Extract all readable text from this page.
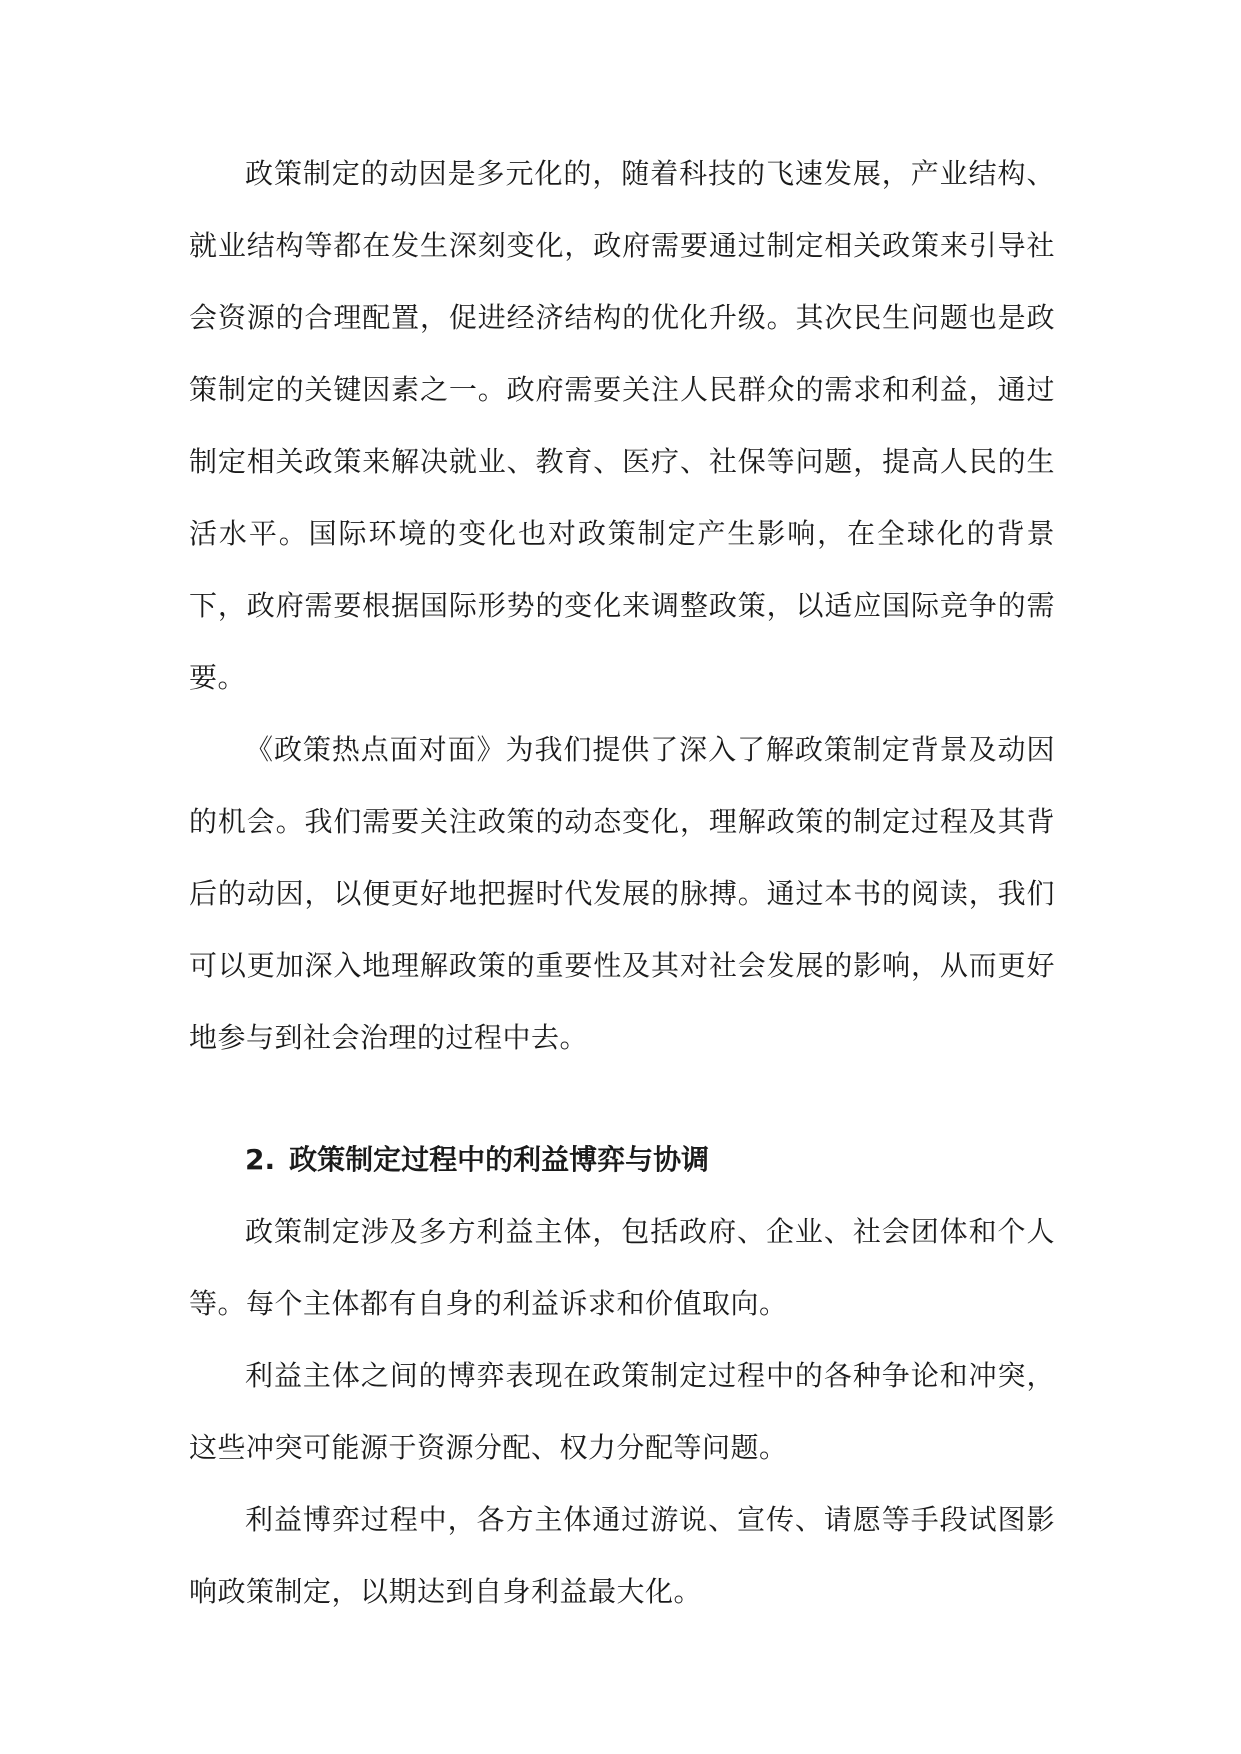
政策制定的动因是多元化的，随着科技的飞速发展，产业结构、就业结构等都在发生深刻变化，政府需要通过制定相关政策来引导社会资源的合理配置，促进经济结构的优化升级。其次民生问题也是政策制定的关键因素之一。政府需要关注人民群众的需求和利益，通过制定相关政策来解决就业、教育、医疗、社保等问题，提高人民的生活水平。国际环境的变化也对政策制定产生影响，在全球化的背景下，政府需要根据国际形势的变化来调整政策，以适应国际竞争的需要。

《政策热点面对面》为我们提供了深入了解政策制定背景及动因的机会。我们需要关注政策的动态变化，理解政策的制定过程及其背后的动因，以便更好地把握时代发展的脉搏。通过本书的阅读，我们可以更加深入地理解政策的重要性及其对社会发展的影响，从而更好地参与到社会治理的过程中去。

2. 政策制定过程中的利益博弈与协调

政策制定涉及多方利益主体，包括政府、企业、社会团体和个人等。每个主体都有自身的利益诉求和价值取向。

利益主体之间的博弈表现在政策制定过程中的各种争论和冲突，这些冲突可能源于资源分配、权力分配等问题。

利益博弈过程中，各方主体通过游说、宣传、请愿等手段试图影响政策制定，以期达到自身利益最大化。
